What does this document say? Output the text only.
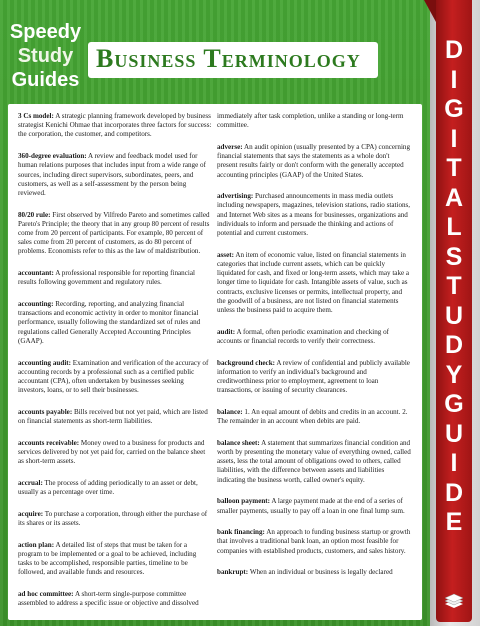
Speedy
Study
Guides
Business Terminology
3 Cs model: A strategic planning framework developed by business strategist Kenichi Ohmae that incorporates three factors for success: the corporation, the customer, and competitors.
360-degree evaluation: A review and feedback model used for human relations purposes that includes input from a wide range of sources, including direct supervisors, subordinates, peers, and customers, as well as a self-assessment by the person being reviewed.
80/20 rule: First observed by Vilfredo Pareto and sometimes called Pareto's Principle; the theory that in any group 80 percent of results come from 20 percent of participants. For example, 80 percent of sales come from 20 percent of customers, as do 80 percent of problems. Economists refer to this as the law of maldistribution.
accountant: A professional responsible for reporting financial results following government and regulatory rules.
accounting: Recording, reporting, and analyzing financial transactions and economic activity in order to monitor financial performance, usually following the standardized set of rules and regulations called Generally Accepted Accounting Principles (GAAP).
accounting audit: Examination and verification of the accuracy of accounting records by a professional such as a certified public accountant (CPA), often undertaken by businesses seeking investors, loans, or to sell their businesses.
accounts payable: Bills received but not yet paid, which are listed on financial statements as short-term liabilities.
accounts receivable: Money owed to a business for products and services delivered by not yet paid for, carried on the balance sheet as short-term assets.
accrual: The process of adding periodically to an asset or debt, usually as a percentage over time.
acquire: To purchase a corporation, through either the purchase of its shares or its assets.
action plan: A detailed list of steps that must be taken for a program to be implemented or a goal to be achieved, including tasks to be accomplished, responsible parties, timeline to be followed, and available funds and resources.
ad hoc committee: A short-term single-purpose committee assembled to address a specific issue or objective and dissolved
immediately after task completion, unlike a standing or long-term committee.
adverse: An audit opinion (usually presented by a CPA) concerning financial statements that says the statements as a whole don't present results fairly or don't conform with the generally accepted accounting principles (GAAP) of the United States.
advertising: Purchased announcements in mass media outlets including newspapers, magazines, television stations, radio stations, and Internet Web sites as a means for businesses, organizations and individuals to inform and persuade the thinking and actions of potential and current customers.
asset: An item of economic value, listed on financial statements in categories that include current assets, which can be quickly liquidated for cash, and fixed or long-term assets, which may take a longer time to liquidate for cash. Intangible assets of value, such as contracts, exclusive licenses or permits, intellectual property, and the goodwill of a business, are not listed on financial statements unless the business paid to acquire them.
audit: A formal, often periodic examination and checking of accounts or financial records to verify their correctness.
background check: A review of confidential and publicly available information to verify an individual's background and creditworthiness prior to employment, agreement to loan transactions, or issuing of security clearances.
balance: 1. An equal amount of debits and credits in an account. 2. The remainder in an account when debits are paid.
balance sheet: A statement that summarizes financial condition and worth by presenting the monetary value of everything owned, called assets, less the total amount of obligations owed to others, called liabilities, with the difference between assets and liabilities indicating the business worth, called owner's equity.
balloon payment: A large payment made at the end of a series of smaller payments, usually to pay off a loan in one final lump sum.
bank financing: An approach to funding business startup or growth that involves a traditional bank loan, an option most feasible for companies with established products, customers, and sales history.
bankrupt: When an individual or business is legally declared
D
I
G
I
T
A
L
S
T
U
D
Y
G
U
I
D
E
